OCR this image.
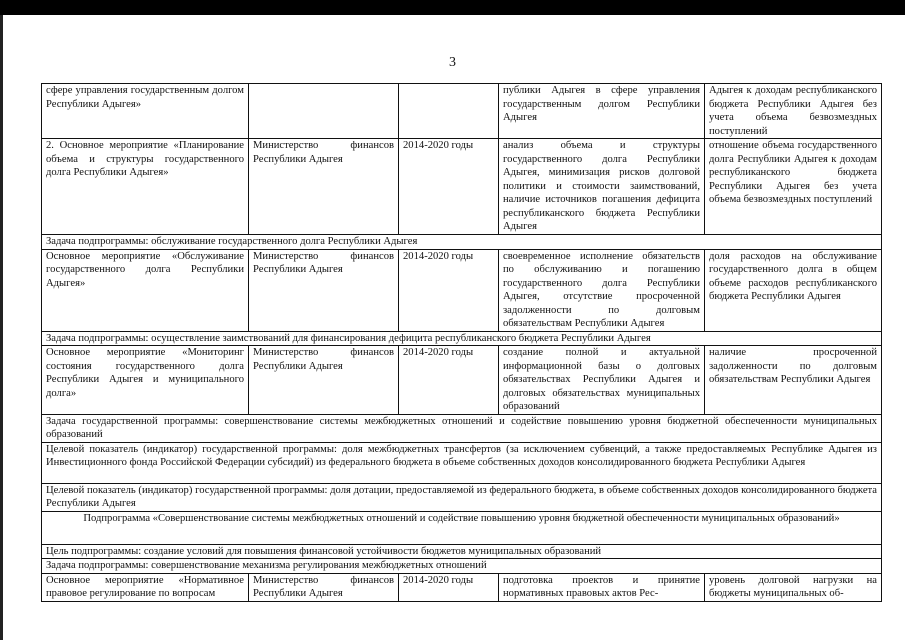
3
сфере управления государственным долгом Республики Адыгея»			публики Адыгея в сфере управления государственным долгом Республики Адыгея	Адыгея к доходам республиканского бюджета Республики Адыгея без учета объема безвозмездных поступлений
2. Основное мероприятие «Планирование объема и структуры государственного долга Республики Адыгея»	Министерство финансов Республики Адыгея	2014-2020 годы	анализ объема и структуры государственного долга Республики Адыгея, минимизация рисков долговой политики и стоимости заимствований, наличие источников погашения дефицита республиканского бюджета Республики Адыгея	отношение объема государственного долга Республики Адыгея к доходам республиканского бюджета Республики Адыгея без учета объема безвозмездных поступлений
Задача подпрограммы: обслуживание государственного долга Республики Адыгея				
Основное мероприятие «Обслуживание государственного долга Республики Адыгея»	Министерство финансов Республики Адыгея	2014-2020 годы	своевременное исполнение обязательств по обслуживанию и погашению государственного долга Республики Адыгея, отсутствие просроченной задолженности по долговым обязательствам Республики Адыгея	доля расходов на обслуживание государственного долга в общем объеме расходов республиканского бюджета Республики Адыгея
Задача подпрограммы: осуществление заимствований для финансирования дефицита республиканского бюджета Республики Адыгея				
Основное мероприятие «Мониторинг состояния государственного долга Республики Адыгея и муниципального долга»	Министерство финансов Республики Адыгея	2014-2020 годы	создание полной и актуальной информационной базы о долговых обязательствах Республики Адыгея и долговых обязательствах муниципальных образований	наличие просроченной задолженности по долговым обязательствам Республики Адыгея
Задача государственной программы: совершенствование системы межбюджетных отношений и содействие повышению уровня бюджетной обеспеченности муниципальных образований				
Целевой показатель (индикатор) государственной программы: доля межбюджетных трансфертов (за исключением субвенций, а также предоставляемых Республике Адыгея из Инвестиционного фонда Российской Федерации субсидий) из федерального бюджета в объеме собственных доходов консолидированного бюджета Республики Адыгея				
Целевой показатель (индикатор) государственной программы: доля дотации, предоставляемой из федерального бюджета, в объеме собственных доходов консолидированного бюджета Республики Адыгея				
Подпрограмма «Совершенствование системы межбюджетных отношений и содействие повышению уровня бюджетной обеспеченности муниципальных образований»				
Цель подпрограммы: создание условий для повышения финансовой устойчивости бюджетов муниципальных образований				
Задача подпрограммы: совершенствование механизма регулирования межбюджетных отношений				
Основное мероприятие «Нормативное правовое регулирование по вопросам	Министерство финансов Республики Адыгея	2014-2020 годы	подготовка проектов и принятие нормативных правовых актов Рес-	уровень долговой нагрузки на бюджеты муниципальных об-
